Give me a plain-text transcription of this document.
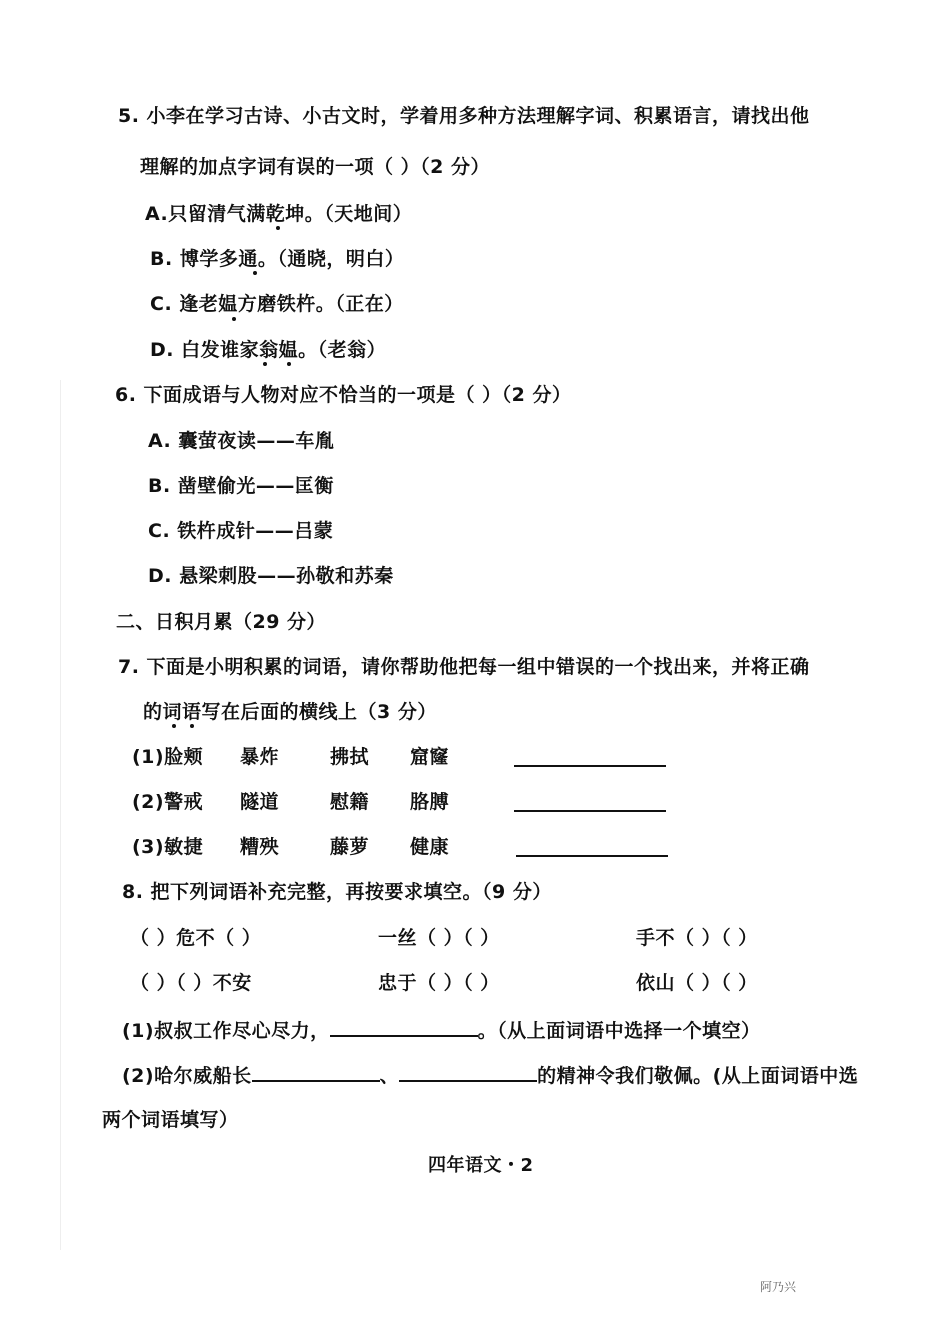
5. 小李在学习古诗、小古文时，学着用多种方法理解字词、积累语言，请找出他
理解的加点字词有误的一项（ ）（2 分）
A.只留清气满乾坤。（天地间）
B. 博学多通。（通晓，明白）
C. 逢老媪方磨铁杵。（正在）
D. 白发谁家翁媪。（老翁）
6. 下面成语与人物对应不恰当的一项是（ ）（2 分）
A. 囊萤夜读——车胤
B. 凿壁偷光——匡衡
C. 铁杵成针——吕蒙
D. 悬梁刺股——孙敬和苏秦
二、日积月累（29 分）
7. 下面是小明积累的词语，请你帮助他把每一组中错误的一个找出来，并将正确
的词语写在后面的横线上（3 分）
(1)脸颊 暴炸	拂拭 窟窿
(2)警戒 隧道	慰籍 胳膊
(3)敏捷 糟殃	藤萝 健康
8. 把下列词语补充完整，再按要求填空。（9 分）
（ ）危不（ ）	一丝（ ）（ ）	手不（ ）（ ）
（ ）（ ）不安	忠于（ ）（ ）	依山（ ）（ ）
(1)叔叔工作尽心尽力，	。（从上面词语中选择一个填空）
(2)哈尔威船长	、	的精神令我们敬佩。(从上面词语中选
两个词语填写）
四年语文・2
阿乃兴
